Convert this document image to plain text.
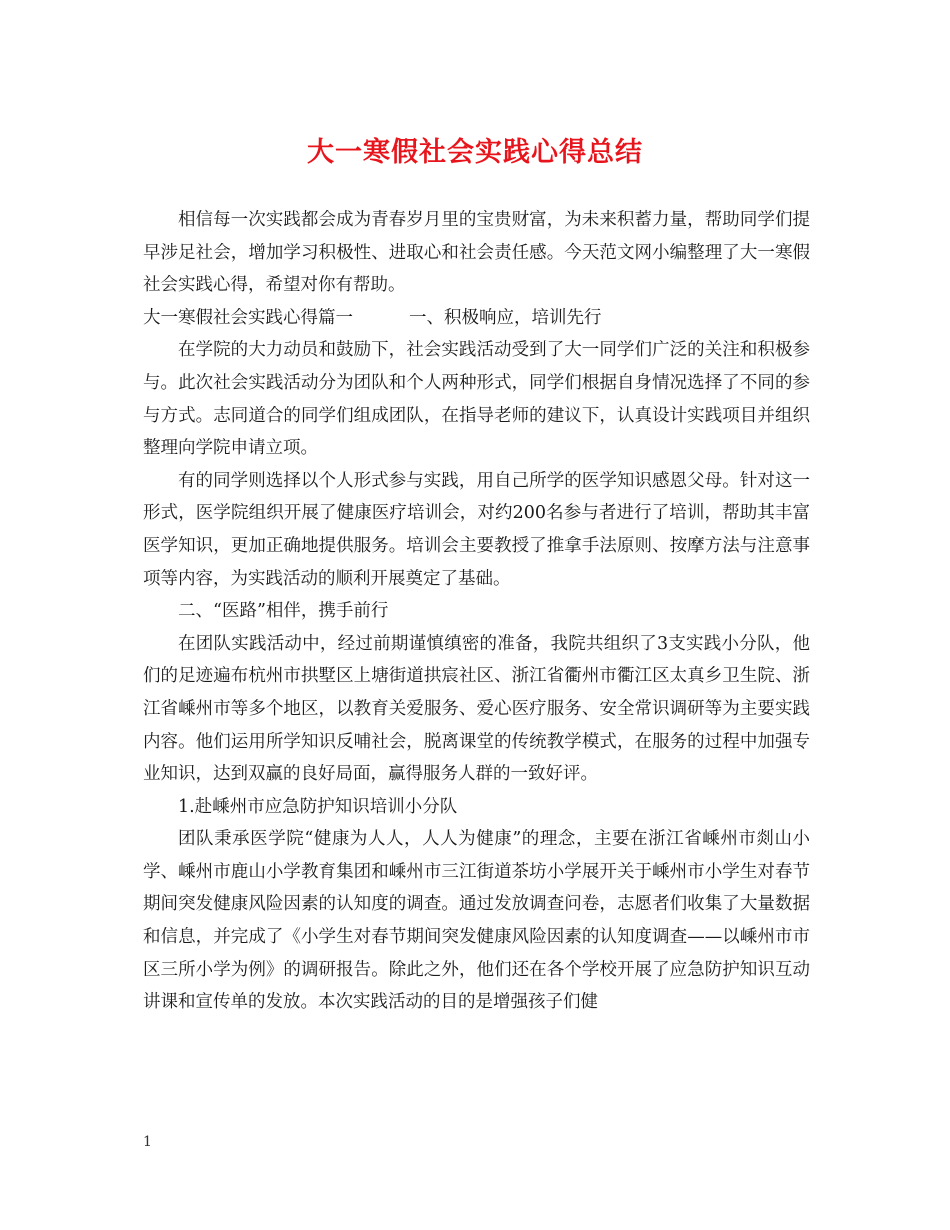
大一寒假社会实践心得总结

相信每一次实践都会成为青春岁月里的宝贵财富，为未来积蓄力量，帮助同学们提早涉足社会，增加学习积极性、进取心和社会责任感。今天范文网小编整理了大一寒假社会实践心得，希望对你有帮助。

大一寒假社会实践心得篇一	一、积极响应，培训先行

在学院的大力动员和鼓励下，社会实践活动受到了大一同学们广泛的关注和积极参与。此次社会实践活动分为团队和个人两种形式，同学们根据自身情况选择了不同的参与方式。志同道合的同学们组成团队，在指导老师的建议下，认真设计实践项目并组织整理向学院申请立项。

有的同学则选择以个人形式参与实践，用自己所学的医学知识感恩父母。针对这一形式，医学院组织开展了健康医疗培训会，对约200名参与者进行了培训，帮助其丰富医学知识，更加正确地提供服务。培训会主要教授了推拿手法原则、按摩方法与注意事项等内容，为实践活动的顺利开展奠定了基础。

二、“医路”相伴，携手前行

在团队实践活动中，经过前期谨慎缜密的准备，我院共组织了3支实践小分队，他们的足迹遍布杭州市拱墅区上塘街道拱宸社区、浙江省衢州市衢江区太真乡卫生院、浙江省嵊州市等多个地区，以教育关爱服务、爱心医疗服务、安全常识调研等为主要实践内容。他们运用所学知识反哺社会，脱离课堂的传统教学模式，在服务的过程中加强专业知识，达到双赢的良好局面，赢得服务人群的一致好评。

1.赴嵊州市应急防护知识培训小分队

团队秉承医学院“健康为人人，人人为健康”的理念，主要在浙江省嵊州市剡山小学、嵊州市鹿山小学教育集团和嵊州市三江街道茶坊小学展开关于嵊州市小学生对春节期间突发健康风险因素的认知度的调查。通过发放调查问卷，志愿者们收集了大量数据和信息，并完成了《小学生对春节期间突发健康风险因素的认知度调查——以嵊州市市区三所小学为例》的调研报告。除此之外，他们还在各个学校开展了应急防护知识互动讲课和宣传单的发放。本次实践活动的目的是增强孩子们健

1
